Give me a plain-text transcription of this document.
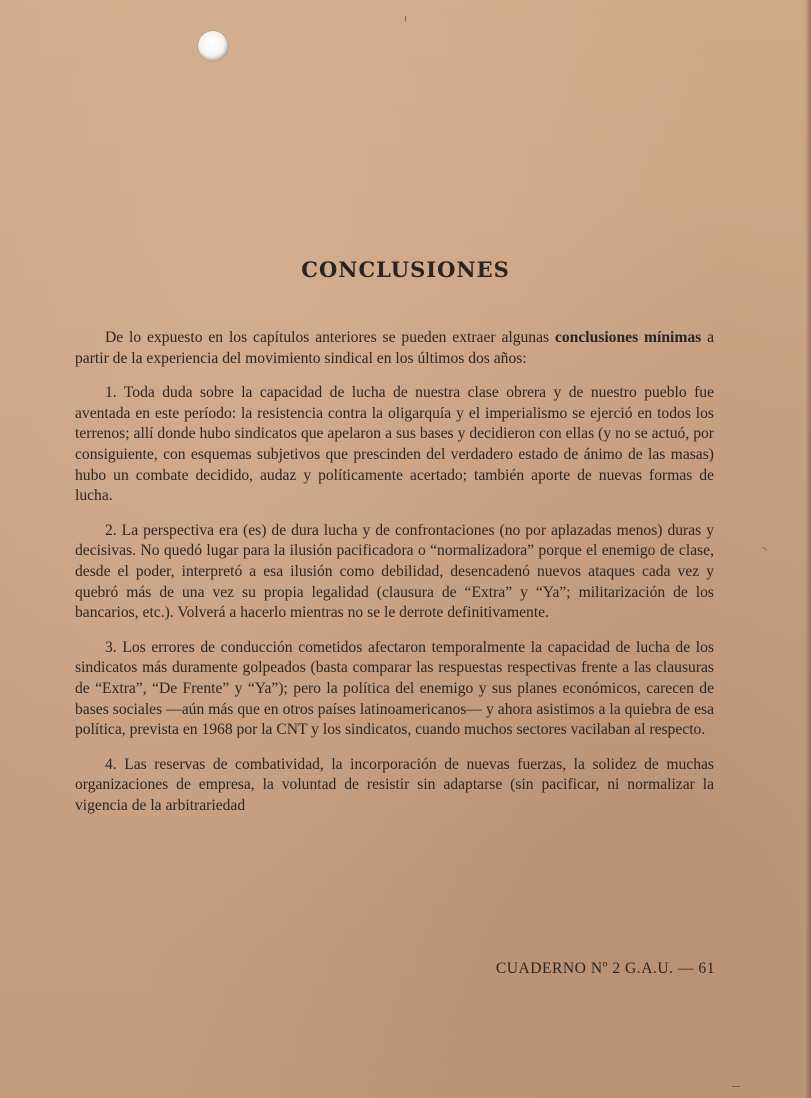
CONCLUSIONES

De lo expuesto en los capítulos anteriores se pueden extraer algunas conclusiones mínimas a partir de la experiencia del movimiento sindical en los últimos dos años:

1. Toda duda sobre la capacidad de lucha de nuestra clase obrera y de nuestro pueblo fue aventada en este período: la resistencia contra la oligarquía y el imperialismo se ejerció en todos los terrenos; allí donde hubo sindicatos que apelaron a sus bases y decidieron con ellas (y no se actuó, por consiguiente, con esquemas subjetivos que prescinden del verdadero estado de ánimo de las masas) hubo un combate decidido, audaz y políticamente acertado; también aporte de nuevas formas de lucha.

2. La perspectiva era (es) de dura lucha y de confrontaciones (no por aplazadas menos) duras y decisivas. No quedó lugar para la ilusión pacificadora o “normalizadora” porque el enemigo de clase, desde el poder, interpretó a esa ilusión como debilidad, desencadenó nuevos ataques cada vez y quebró más de una vez su propia legalidad (clausura de “Extra” y “Ya”; militarización de los bancarios, etc.). Volverá a hacerlo mientras no se le derrote definitivamente.

3. Los errores de conducción cometidos afectaron temporalmente la capacidad de lucha de los sindicatos más duramente golpeados (basta comparar las respuestas respectivas frente a las clausuras de “Extra”, “De Frente” y “Ya”); pero la política del enemigo y sus planes económicos, carecen de bases sociales —aún más que en otros países latinoamericanos— y ahora asistimos a la quiebra de esa política, prevista en 1968 por la CNT y los sindicatos, cuando muchos sectores vacilaban al respecto.

4. Las reservas de combatividad, la incorporación de nuevas fuerzas, la solidez de muchas organizaciones de empresa, la voluntad de resistir sin adaptarse (sin pacificar, ni normalizar la vigencia de la arbitrariedad

CUADERNO Nº 2 G.A.U. — 61
